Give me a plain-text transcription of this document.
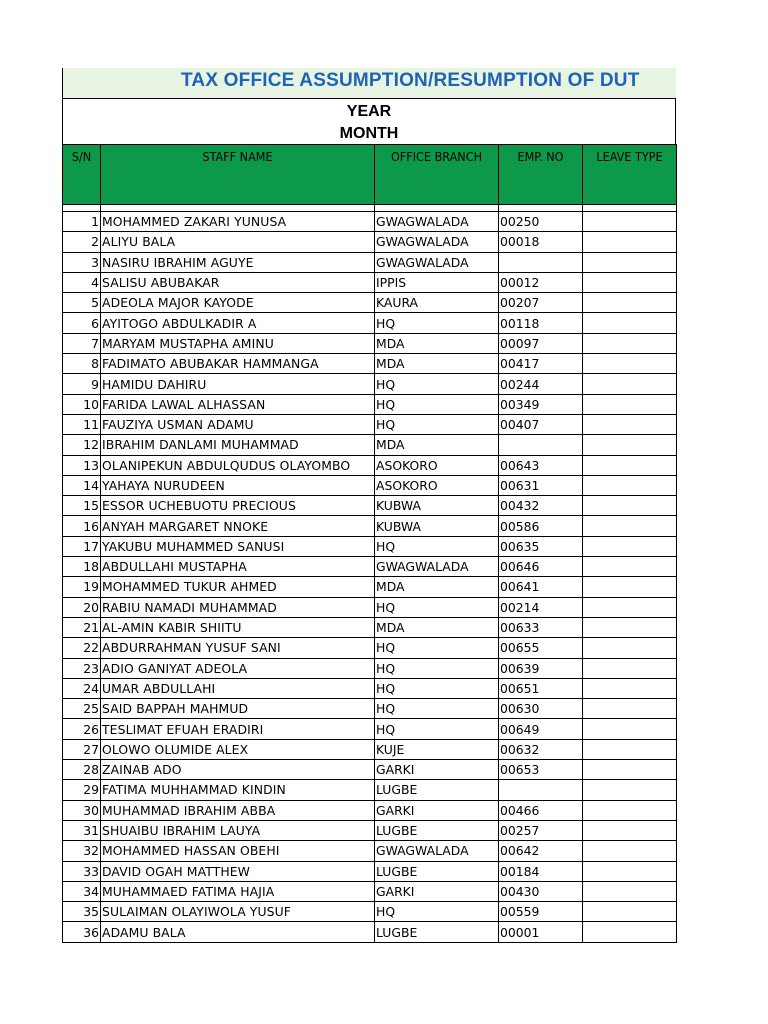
TAX OFFICE ASSUMPTION/RESUMPTION OF DUT
YEAR
MONTH
S/N	STAFF NAME	OFFICE BRANCH	EMP. NO	LEAVE TYPE

1	MOHAMMED ZAKARI YUNUSA	GWAGWALADA	00250	
2	ALIYU BALA	GWAGWALADA	00018	
3	NASIRU IBRAHIM AGUYE	GWAGWALADA		
4	SALISU ABUBAKAR	IPPIS	00012	
5	ADEOLA MAJOR KAYODE	KAURA	00207	
6	AYITOGO ABDULKADIR A	HQ	00118	
7	MARYAM MUSTAPHA AMINU	MDA	00097	
8	FADIMATO ABUBAKAR HAMMANGA	MDA	00417	
9	HAMIDU DAHIRU	HQ	00244	
10	FARIDA LAWAL ALHASSAN	HQ	00349	
11	FAUZIYA USMAN ADAMU	HQ	00407	
12	IBRAHIM DANLAMI MUHAMMAD	MDA		
13	OLANIPEKUN ABDULQUDUS OLAYOMBO	ASOKORO	00643	
14	YAHAYA NURUDEEN	ASOKORO	00631	
15	ESSOR UCHEBUOTU PRECIOUS	KUBWA	00432	
16	ANYAH MARGARET NNOKE	KUBWA	00586	
17	YAKUBU MUHAMMED SANUSI	HQ	00635	
18	ABDULLAHI MUSTAPHA	GWAGWALADA	00646	
19	MOHAMMED TUKUR AHMED	MDA	00641	
20	RABIU NAMADI MUHAMMAD	HQ	00214	
21	AL-AMIN KABIR SHIITU	MDA	00633	
22	ABDURRAHMAN YUSUF SANI	HQ	00655	
23	ADIO GANIYAT ADEOLA	HQ	00639	
24	UMAR ABDULLAHI	HQ	00651	
25	SAID BAPPAH MAHMUD	HQ	00630	
26	TESLIMAT EFUAH ERADIRI	HQ	00649	
27	OLOWO OLUMIDE ALEX	KUJE	00632	
28	ZAINAB ADO	GARKI	00653	
29	FATIMA MUHHAMMAD KINDIN	LUGBE		
30	MUHAMMAD IBRAHIM ABBA	GARKI	00466	
31	SHUAIBU IBRAHIM LAUYA	LUGBE	00257	
32	MOHAMMED HASSAN OBEHI	GWAGWALADA	00642	
33	DAVID OGAH MATTHEW	LUGBE	00184	
34	MUHAMMAED FATIMA HAJIA	GARKI	00430	
35	SULAIMAN OLAYIWOLA YUSUF	HQ	00559	
36	ADAMU BALA	LUGBE	00001	
